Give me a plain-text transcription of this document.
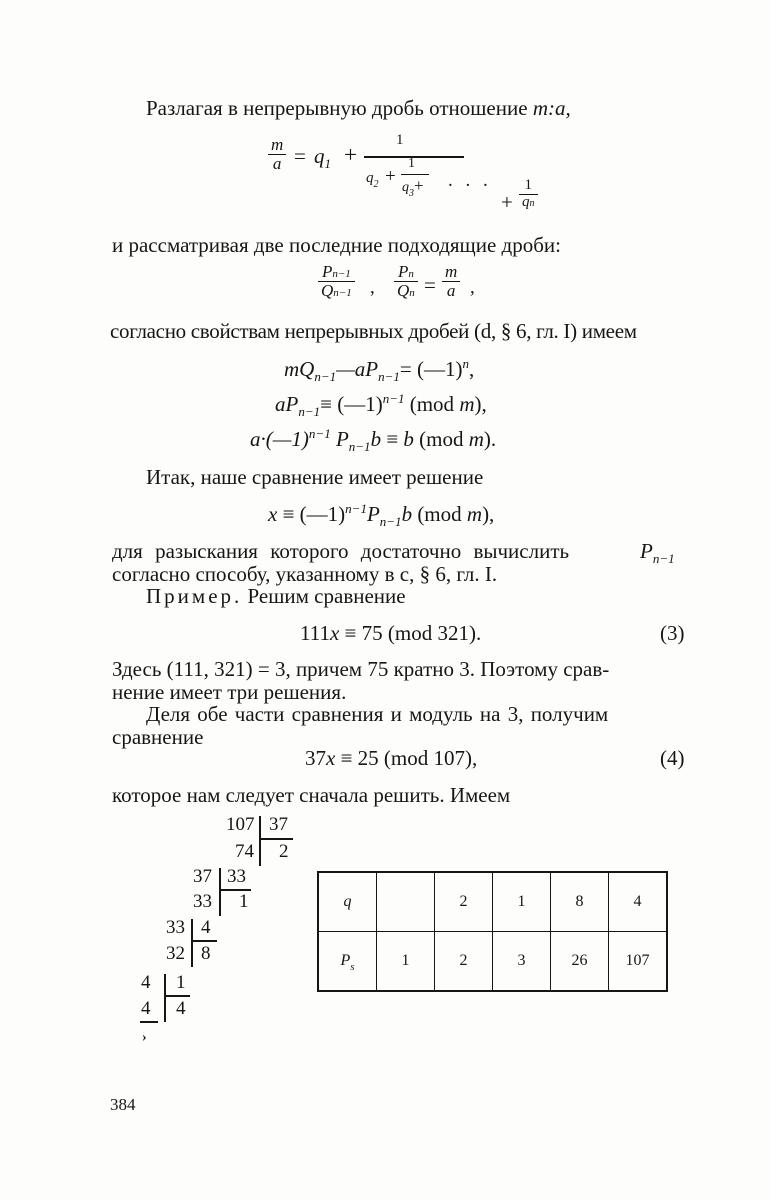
Разлагая в непрерывную дробь отношение m:a,
$\frac{m}{a} = q_1$ +
1
$q_2$ +
1
$q_3+$ . . .
+ $\frac{1}{qn}$
и рассматривая две последние подходящие дроби:
$\frac{Pn-1}{Qn-1}$ , $\frac{Pn}{Qn} = \frac{m}{a}$ ,
согласно свойствам непрерывных дробей (d, § 6, гл. I) имеем
$mQ_{n-1}—aP_{n-1}=$ (—1)$^n$,
$aP_{n-1}\equiv$ (—1)$^{n-1}$ (mod m),
a·(—1)$^{n-1}$ $P_{n-1}b \equiv b$ (mod m).
Итак, наше сравнение имеет решение
$x \equiv (—1)^{n-1}P_{n-1}b$ (mod m),
для разыскания которого достаточно вычислить	$P_{n-1}$
согласно способу, указанному в c, § 6, гл. I.
Пример. Решим сравнение
111x ≡ 75 (mod 321).	(3)
Здесь (111, 321) = 3, причем 75 кратно 3. Поэтому срав-
нение имеет три решения.
Деля обе части сравнения и модуль на 3, получим
сравнение
37x ≡ 25 (mod 107),	(4)
которое нам следует сначала решить. Имеем
107 37
74 2
37 33
33 1
33 4
32 8
4 1
4 4
›
q		2	1	8	4
$P_s$	1	2	3	26	107
384
